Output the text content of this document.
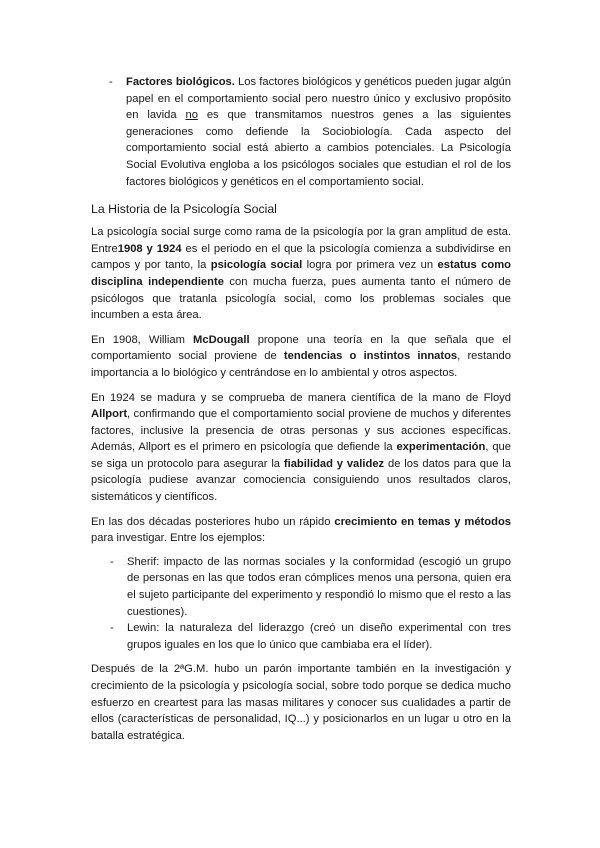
- Factores biológicos. Los factores biológicos y genéticos pueden jugar algún papel en el comportamiento social pero nuestro único y exclusivo propósito en lavida no es que transmitamos nuestros genes a las siguientes generaciones como defiende la Sociobiología. Cada aspecto del comportamiento social está abierto a cambios potenciales. La Psicología Social Evolutiva engloba a los psicólogos sociales que estudian el rol de los factores biológicos y genéticos en el comportamiento social.
La Historia de la Psicología Social

La psicología social surge como rama de la psicología por la gran amplitud de esta. Entre1908 y 1924 es el periodo en el que la psicología comienza a subdividirse en campos y por tanto, la psicología social logra por primera vez un estatus como disciplina independiente con mucha fuerza, pues aumenta tanto el número de psicólogos que tratanla psicología social, como los problemas sociales que incumben a esta área.

En 1908, William McDougall propone una teoría en la que señala que el comportamiento social proviene de tendencias o instintos innatos, restando importancia a lo biológico y centrándose en lo ambiental y otros aspectos.

En 1924 se madura y se comprueba de manera científica de la mano de Floyd Allport, confirmando que el comportamiento social proviene de muchos y diferentes factores, inclusive la presencia de otras personas y sus acciones específicas. Además, Allport es el primero en psicología que defiende la experimentación, que se siga un protocolo para asegurar la fiabilidad y validez de los datos para que la psicología pudiese avanzar comociencia consiguiendo unos resultados claros, sistemáticos y científicos.

En las dos décadas posteriores hubo un rápido crecimiento en temas y métodos para investigar. Entre los ejemplos:

- Sherif: impacto de las normas sociales y la conformidad (escogió un grupo de personas en las que todos eran cómplices menos una persona, quien era el sujeto participante del experimento y respondió lo mismo que el resto a las cuestiones).
- Lewin: la naturaleza del liderazgo (creó un diseño experimental con tres grupos iguales en los que lo único que cambiaba era el líder).

Después de la 2ªG.M. hubo un parón importante también en la investigación y crecimiento de la psicología y psicología social, sobre todo porque se dedica mucho esfuerzo en creartest para las masas militares y conocer sus cualidades a partir de ellos (características de personalidad, IQ...) y posicionarlos en un lugar u otro en la batalla estratégica.
